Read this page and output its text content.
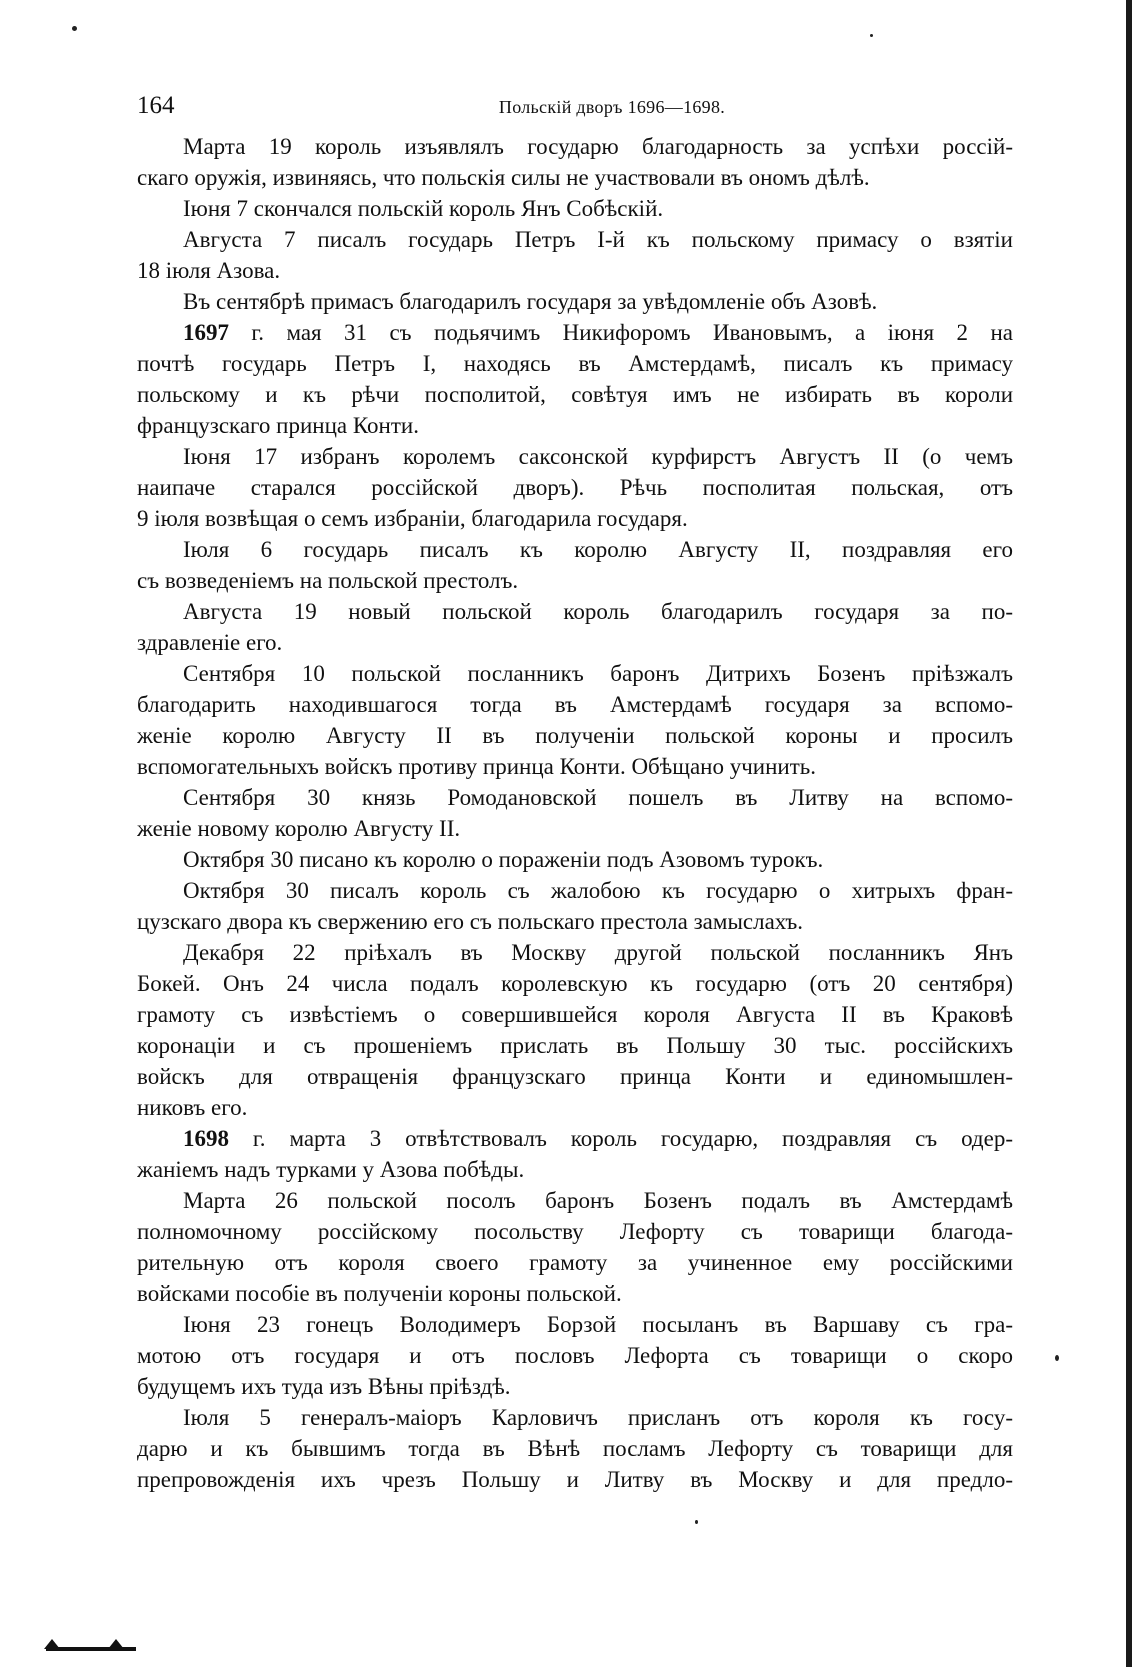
164	Польскiй дворъ 1696—1698.
Марта 19 король изъявлялъ государю благодарность за успѣхи россiй-
скаго оружiя, извиняясь, что польскiя силы не участвовали въ ономъ дѣлѣ.
Iюня 7 скончался польскiй король Янъ Собѣскiй.
Августа 7 писалъ государь Петръ I-й къ польскому примасу о взятiи
18 iюля Азова.
Въ сентябрѣ примасъ благодарилъ государя за увѣдомленiе объ Азовѣ.
1697 г. мая 31 съ подьячимъ Никифоромъ Ивановымъ, а iюня 2 на
почтѣ государь Петръ I, находясь въ Амстердамѣ, писалъ къ примасу
польскому и къ рѣчи посполитой, совѣтуя имъ не избирать въ короли
французскаго принца Конти.
Iюня 17 избранъ королемъ саксонской курфирстъ Августъ II (о чемъ
наипаче старался россiйской дворъ). Рѣчь посполитая польская, отъ
9 iюля возвѣщая о семъ избранiи, благодарила государя.
Iюля 6 государь писалъ къ королю Августу II, поздравляя его
съ возведенiемъ на польской престолъ.
Августа 19 новый польской король благодарилъ государя за по-
здравленiе его.
Сентября 10 польской посланникъ баронъ Дитрихъ Бозенъ прiѣзжалъ
благодарить находившагося тогда въ Амстердамѣ государя за вспомо-
женiе королю Августу II въ полученiи польской короны и просилъ
вспомогательныхъ войскъ противу принца Конти. Обѣщано учинить.
Сентября 30 князь Ромодановской пошелъ въ Литву на вспомо-
женiе новому королю Августу II.
Октября 30 писано къ королю о пораженiи подъ Азовомъ турокъ.
Октября 30 писалъ король съ жалобою къ государю о хитрыхъ фран-
цузскаго двора къ свержению его съ польскаго престола замыслахъ.
Декабря 22 прiѣхалъ въ Москву другой польской посланникъ Янъ
Бокей. Онъ 24 числа подалъ королевскую къ государю (отъ 20 сентября)
грамоту съ извѣстiемъ о совершившейся короля Августа II въ Краковѣ
коронацiи и съ прошенiемъ прислать въ Польшу 30 тыс. россiйскихъ
войскъ для отвращенiя французскаго принца Конти и единомышлен-
никовъ его.
1698 г. марта 3 отвѣтствовалъ король государю, поздравляя съ одер-
жанiемъ надъ турками у Азова побѣды.
Марта 26 польской посолъ баронъ Бозенъ подалъ въ Амстердамѣ
полномочному россiйскому посольству Лефорту съ товарищи благода-
рительную отъ короля своего грамоту за учиненное ему россiйскими
войсками пособiе въ полученiи короны польской.
Iюня 23 гонецъ Володимеръ Борзой посыланъ въ Варшаву съ гра-
мотою отъ государя и отъ пословъ Лефорта съ товарищи о скоро
будущемъ ихъ туда изъ Вѣны прiѣздѣ.
Iюля 5 генералъ-маiоръ Карловичъ присланъ отъ короля къ госу-
дарю и къ бывшимъ тогда въ Вѣнѣ посламъ Лефорту съ товарищи для
препровожденiя ихъ чрезъ Польшу и Литву въ Москву и для предло-
